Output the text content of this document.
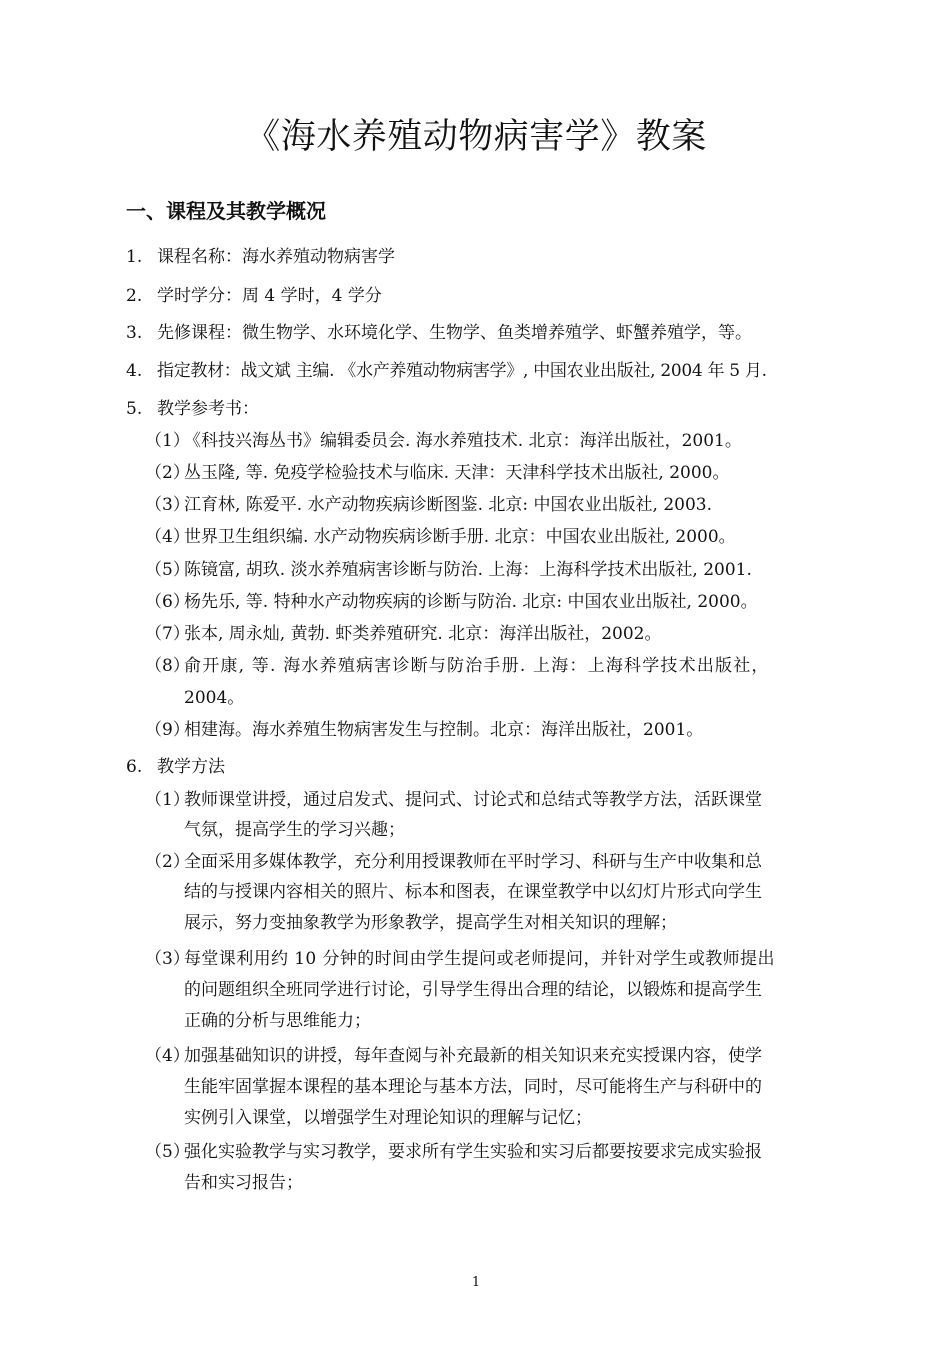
《海水养殖动物病害学》教案
一、课程及其教学概况
1. 课程名称：海水养殖动物病害学
2. 学时学分：周 4 学时，4 学分
3. 先修课程：微生物学、水环境化学、生物学、鱼类增养殖学、虾蟹养殖学，等。
4. 指定教材：战文斌 主编. 《水产养殖动物病害学》, 中国农业出版社, 2004 年 5 月.
5. 教学参考书：
（1）
《科技兴海丛书》编辑委员会. 海水养殖技术. 北京：海洋出版社，2001。
（2）
丛玉隆, 等. 免疫学检验技术与临床. 天津：天津科学技术出版社, 2000。
（3）
江育林, 陈爱平. 水产动物疾病诊断图鉴. 北京: 中国农业出版社, 2003.
（4）
世界卫生组织编. 水产动物疾病诊断手册. 北京：中国农业出版社, 2000。
（5）
陈镜富, 胡玖. 淡水养殖病害诊断与防治. 上海：上海科学技术出版社, 2001.
（6）
杨先乐, 等. 特种水产动物疾病的诊断与防治. 北京: 中国农业出版社, 2000。
（7）
张本, 周永灿, 黄勃. 虾类养殖研究. 北京：海洋出版社，2002。
（8）
俞开康, 等. 海水养殖病害诊断与防治手册. 上海：上海科学技术出版社，
2004。
（9）
相建海。海水养殖生物病害发生与控制。北京：海洋出版社，2001。
6. 教学方法
（1）
教师课堂讲授，通过启发式、提问式、讨论式和总结式等教学方法，活跃课堂
气氛，提高学生的学习兴趣；
（2）
全面采用多媒体教学，充分利用授课教师在平时学习、科研与生产中收集和总
结的与授课内容相关的照片、标本和图表，在课堂教学中以幻灯片形式向学生
展示，努力变抽象教学为形象教学，提高学生对相关知识的理解；
（3）
每堂课利用约 10 分钟的时间由学生提问或老师提问，并针对学生或教师提出
的问题组织全班同学进行讨论，引导学生得出合理的结论，以锻炼和提高学生
正确的分析与思维能力；
（4）
加强基础知识的讲授，每年查阅与补充最新的相关知识来充实授课内容，使学
生能牢固掌握本课程的基本理论与基本方法，同时，尽可能将生产与科研中的
实例引入课堂，以增强学生对理论知识的理解与记忆；
（5）
强化实验教学与实习教学，要求所有学生实验和实习后都要按要求完成实验报
告和实习报告；
1
